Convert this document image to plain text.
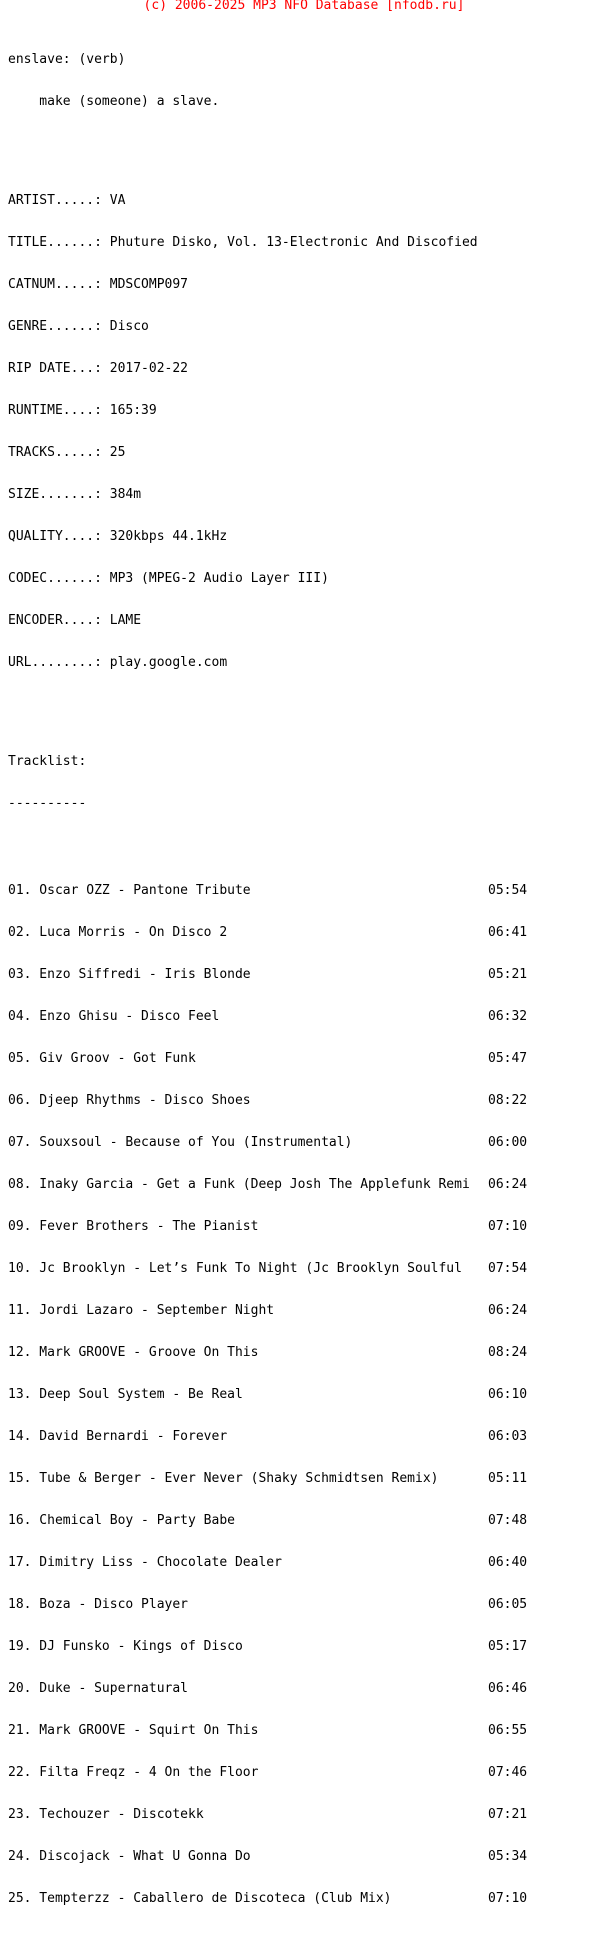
(c) 2006-2025 MP3 NFO Database [nfodb.ru]

enslave: (verb)

make (someone) a slave.

ARTIST.....: VA

TITLE......: Phuture Disko, Vol. 13-Electronic And Discofied

CATNUM.....: MDSCOMP097

GENRE......: Disco

RIP DATE...: 2017-02-22

RUNTIME....: 165:39

TRACKS.....: 25

SIZE.......: 384m

QUALITY....: 320kbps 44.1kHz

CODEC......: MP3 (MPEG-2 Audio Layer III)

ENCODER....: LAME

URL........: play.google.com

Tracklist:

----------

01. Oscar OZZ - Pantone Tribute	05:54

02. Luca Morris - On Disco 2	06:41

03. Enzo Siffredi - Iris Blonde	05:21

04. Enzo Ghisu - Disco Feel	06:32

05. Giv Groov - Got Funk	05:47

06. Djeep Rhythms - Disco Shoes	08:22

07. Souxsoul - Because of You (Instrumental)	06:00

08. Inaky Garcia - Get a Funk (Deep Josh The Applefunk Remi	06:24

09. Fever Brothers - The Pianist	07:10

10. Jc Brooklyn - Let’s Funk To Night (Jc Brooklyn Soulful	07:54

11. Jordi Lazaro - September Night	06:24

12. Mark GROOVE - Groove On This	08:24

13. Deep Soul System - Be Real	06:10

14. David Bernardi - Forever	06:03

15. Tube & Berger - Ever Never (Shaky Schmidtsen Remix)	05:11

16. Chemical Boy - Party Babe	07:48

17. Dimitry Liss - Chocolate Dealer	06:40

18. Boza - Disco Player	06:05

19. DJ Funsko - Kings of Disco	05:17

20. Duke - Supernatural	06:46

21. Mark GROOVE - Squirt On This	06:55

22. Filta Freqz - 4 On the Floor	07:46

23. Techouzer - Discotekk	07:21

24. Discojack - What U Gonna Do	05:34

25. Tempterzz - Caballero de Discoteca (Club Mix)	07:10
